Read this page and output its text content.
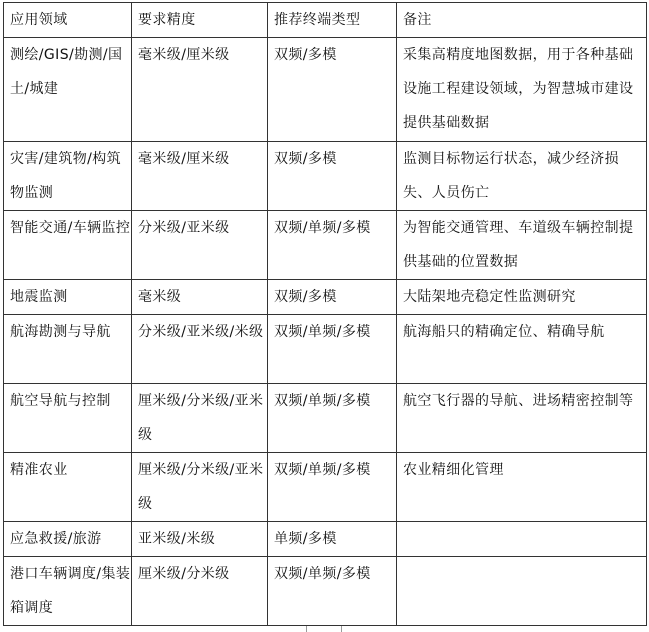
应用领域	要求精度	推荐终端类型	备注
测绘/GIS/勘测/国土/城建	毫米级/厘米级	双频/多模	采集高精度地图数据，用于各种基础设施工程建设领域，为智慧城市建设提供基础数据
灾害/建筑物/构筑物监测	毫米级/厘米级	双频/多模	监测目标物运行状态，减少经济损失、人员伤亡
智能交通/车辆监控	分米级/亚米级	双频/单频/多模	为智能交通管理、车道级车辆控制提供基础的位置数据
地震监测	毫米级	双频/多模	大陆架地壳稳定性监测研究
航海勘测与导航	分米级/亚米级/米级	双频/单频/多模	航海船只的精确定位、精确导航
航空导航与控制	厘米级/分米级/亚米级	双频/单频/多模	航空飞行器的导航、进场精密控制等
精准农业	厘米级/分米级/亚米级	双频/单频/多模	农业精细化管理
应急救援/旅游	亚米级/米级	单频/多模	
港口车辆调度/集装箱调度	厘米级/分米级	双频/单频/多模	
